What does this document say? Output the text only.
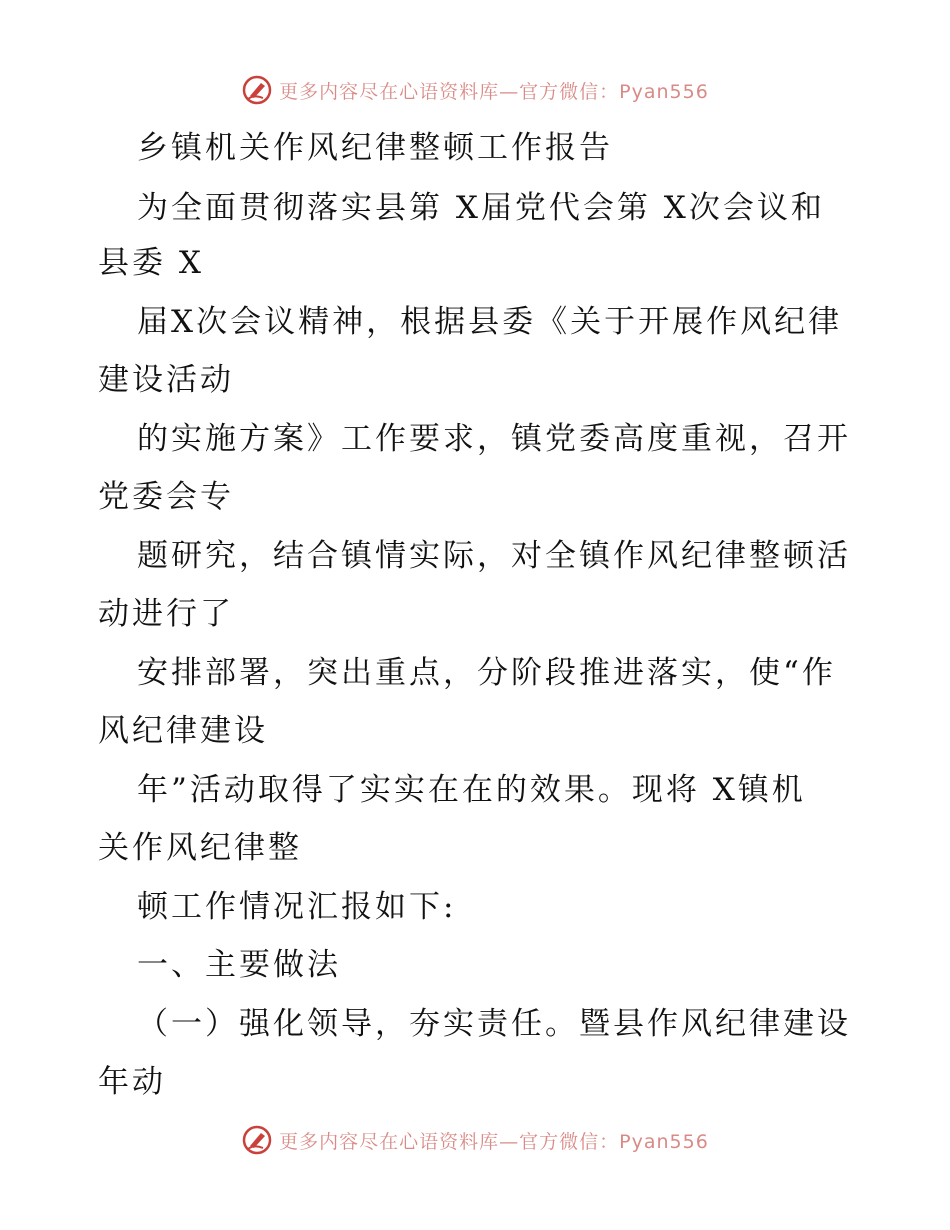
更多内容尽在心语资料库—官方微信：Pyan556
乡镇机关作风纪律整顿工作报告
为全面贯彻落实县第 X届党代会第 X次会议和
县委 X
届X次会议精神，根据县委《关于开展作风纪律
建设活动
的实施方案》工作要求，镇党委高度重视，召开
党委会专
题研究，结合镇情实际，对全镇作风纪律整顿活
动进行了
安排部署，突出重点，分阶段推进落实，使“作
风纪律建设
年”活动取得了实实在在的效果。现将 X镇机
关作风纪律整
顿工作情况汇报如下:
一、主要做法
（一）强化领导，夯实责任。暨县作风纪律建设
年动
更多内容尽在心语资料库—官方微信：Pyan556
